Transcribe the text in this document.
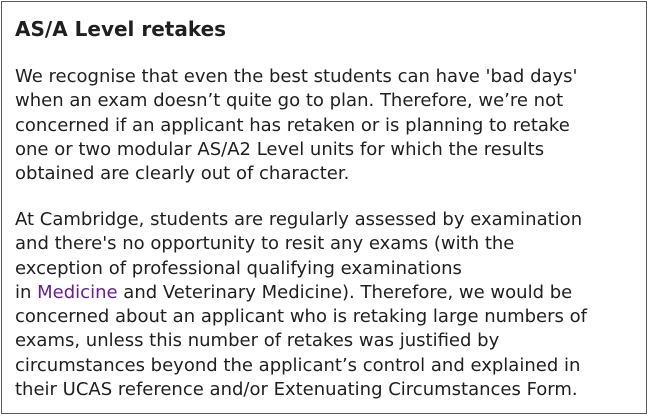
AS/A Level retakes

We recognise that even the best students can have 'bad days'
when an exam doesn’t quite go to plan. Therefore, we’re not
concerned if an applicant has retaken or is planning to retake
one or two modular AS/A2 Level units for which the results
obtained are clearly out of character.

At Cambridge, students are regularly assessed by examination
and there's no opportunity to resit any exams (with the
exception of professional qualifying examinations
in Medicine and Veterinary Medicine). Therefore, we would be
concerned about an applicant who is retaking large numbers of
exams, unless this number of retakes was justified by
circumstances beyond the applicant’s control and explained in
their UCAS reference and/or Extenuating Circumstances Form.
